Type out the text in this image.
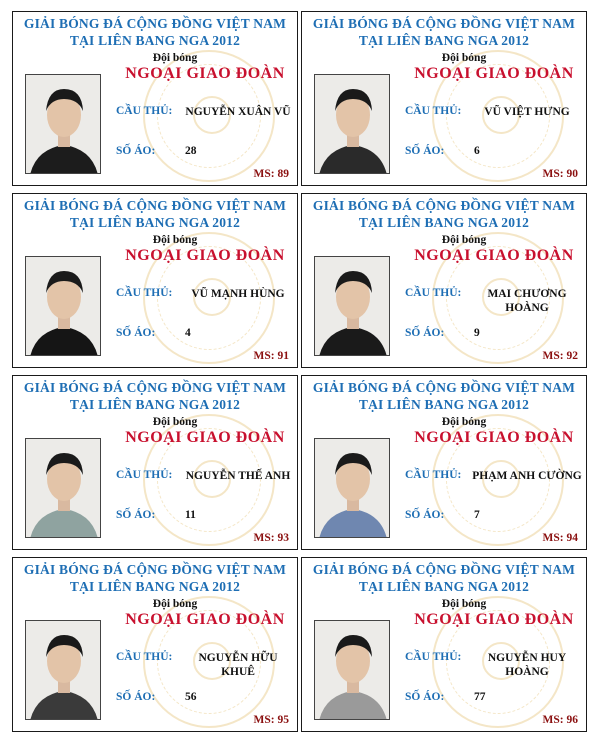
GIẢI BÓNG ĐÁ CỘNG ĐỒNG VIỆT NAM
TẠI LIÊN BANG NGA 2012
Đội bóng
NGOẠI GIAO ĐOÀN
CẦU THỦ: NGUYỄN XUÂN VŨ
SỐ ÁO:	28
MS: 89
GIẢI BÓNG ĐÁ CỘNG ĐỒNG VIỆT NAM
TẠI LIÊN BANG NGA 2012
Đội bóng
NGOẠI GIAO ĐOÀN
CẦU THỦ:	VŨ VIỆT HƯNG
SỐ ÁO:	6
MS: 90
GIẢI BÓNG ĐÁ CỘNG ĐỒNG VIỆT NAM
TẠI LIÊN BANG NGA 2012
Đội bóng
NGOẠI GIAO ĐOÀN
CẦU THỦ:	VŨ MẠNH HÙNG
SỐ ÁO:	4
MS: 91
GIẢI BÓNG ĐÁ CỘNG ĐỒNG VIỆT NAM
TẠI LIÊN BANG NGA 2012
Đội bóng
NGOẠI GIAO ĐOÀN
CẦU THỦ:	MAI CHƯƠNG HOÀNG
SỐ ÁO:	9
MS: 92
GIẢI BÓNG ĐÁ CỘNG ĐỒNG VIỆT NAM
TẠI LIÊN BANG NGA 2012
Đội bóng
NGOẠI GIAO ĐOÀN
CẦU THỦ: NGUYỄN THẾ ANH
SỐ ÁO:	11
MS: 93
GIẢI BÓNG ĐÁ CỘNG ĐỒNG VIỆT NAM
TẠI LIÊN BANG NGA 2012
Đội bóng
NGOẠI GIAO ĐOÀN
CẦU THỦ: PHẠM ANH CƯỜNG
SỐ ÁO:	7
MS: 94
GIẢI BÓNG ĐÁ CỘNG ĐỒNG VIỆT NAM
TẠI LIÊN BANG NGA 2012
Đội bóng
NGOẠI GIAO ĐOÀN
CẦU THỦ:	NGUYỄN HỮU KHUÊ
SỐ ÁO:	56
MS: 95
GIẢI BÓNG ĐÁ CỘNG ĐỒNG VIỆT NAM
TẠI LIÊN BANG NGA 2012
Đội bóng
NGOẠI GIAO ĐOÀN
CẦU THỦ:	NGUYỄN HUY HOÀNG
SỐ ÁO:	77
MS: 96
